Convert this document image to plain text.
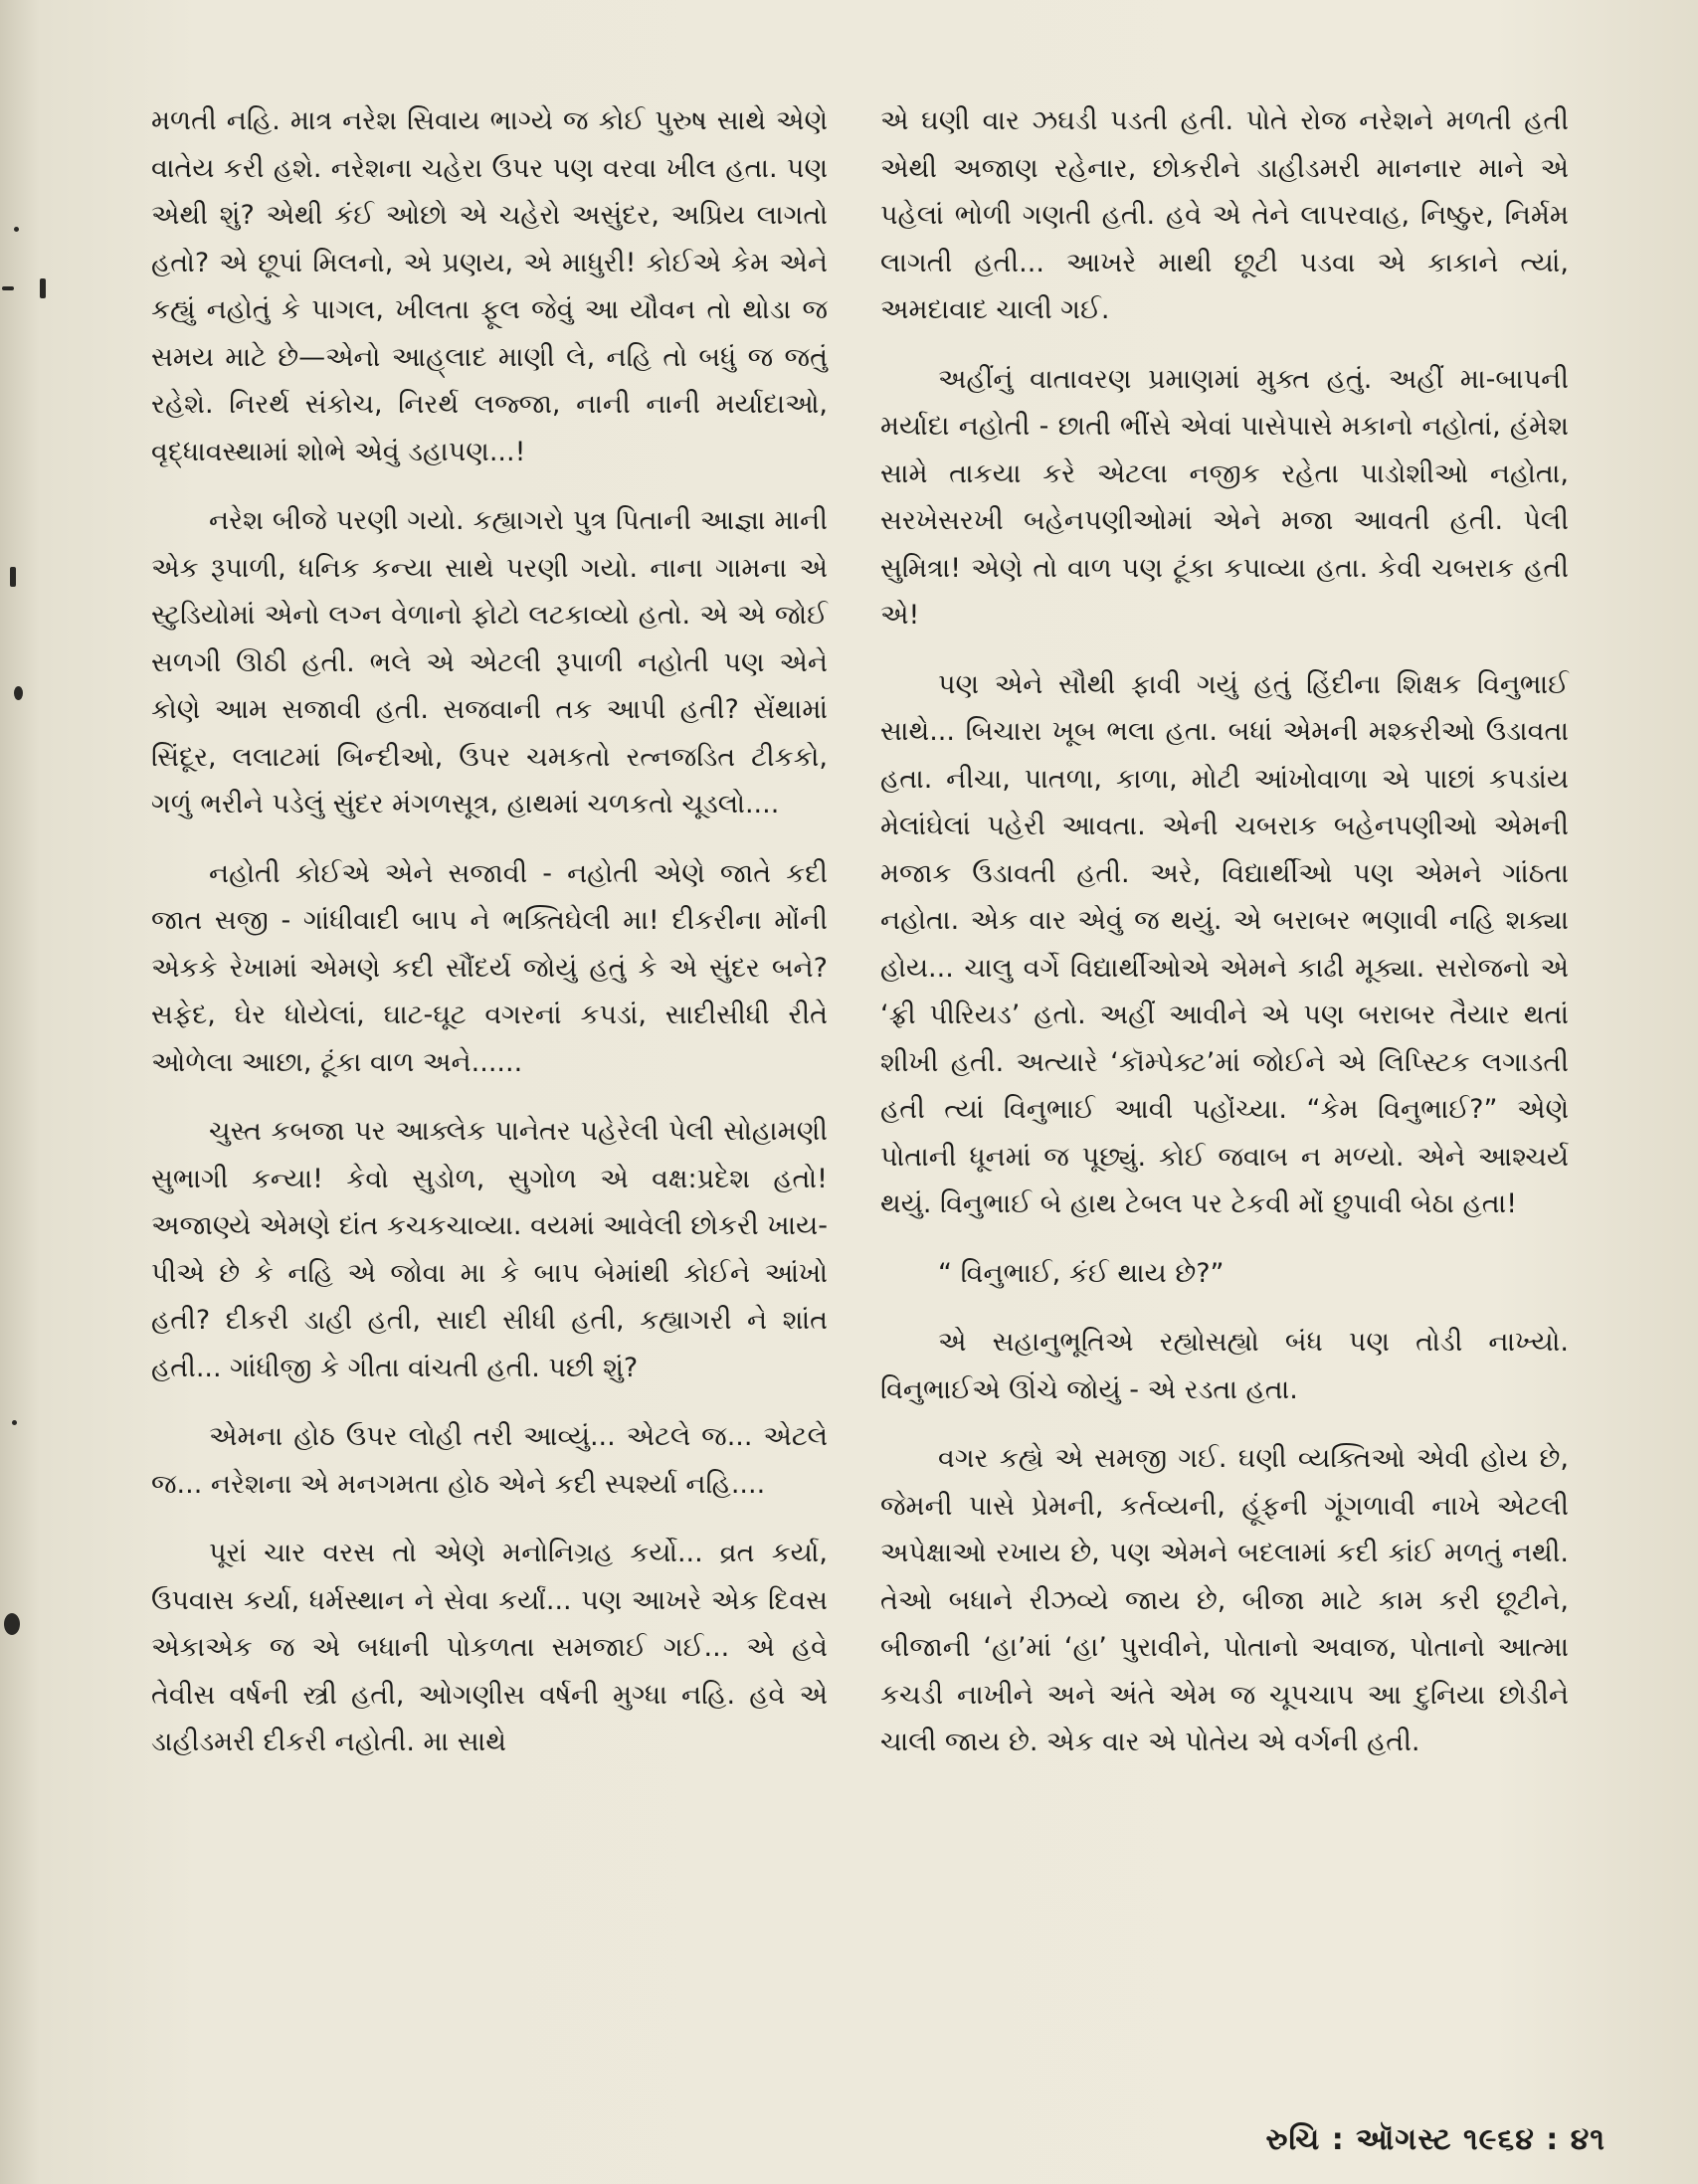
મળતી નહિ. માત્ર નરેશ સિવાય ભાગ્યે જ કોઈ પુરુષ સાથે એણે વાતેય કરી હશે. નરેશના ચહેરા ઉપર પણ વરવા ખીલ હતા. પણ એથી શું? એથી કંઈ ઓછો એ ચહેરો અસુંદર, અપ્રિય લાગતો હતો? એ છૂપાં મિલનો, એ પ્રણય, એ માધુરી! કોઈએ કેમ એને કહ્યું નહોતું કે પાગલ, ખીલતા ફૂલ જેવું આ યૌવન તો થોડા જ સમય માટે છે—એનો આહ્‌લાદ માણી લે, નહિ તો બધું જ જતું રહેશે. નિરર્થ સંકોચ, નિરર્થ લજ્જા, નાની નાની મર્યાદાઓ, વૃદ્ધાવસ્થામાં શોભે એવું ડહાપણ...!

નરેશ બીજે પરણી ગયો. કહ્યાગરો પુત્ર પિતાની આજ્ઞા માની એક રૂપાળી, ધનિક કન્યા સાથે પરણી ગયો. નાના ગામના એ સ્ટુડિયોમાં એનો લગ્ન વેળાનો ફોટો લટકાવ્યો હતો. એ એ જોઈ સળગી ઊઠી હતી. ભલે એ એટલી રૂપાળી નહોતી પણ એને કોણે આમ સજાવી હતી. સજવાની તક આપી હતી? સેંથામાં સિંદૂર, લલાટમાં બિન્દીઓ, ઉપર ચમકતો રત્નજડિત ટીકકો, ગળું ભરીને પડેલું સુંદર મંગળસૂત્ર, હાથમાં ચળકતો ચૂડલો....

નહોતી કોઈએ એને સજાવી - નહોતી એણે જાતે કદી જાત સજી - ગાંધીવાદી બાપ ને ભક્તિઘેલી મા! દીકરીના મોંની એકકે રેખામાં એમણે કદી સૌંદર્ય જોયું હતું કે એ સુંદર બને? સફેદ, ઘેર ધોયેલાં, ઘાટ-ઘૂટ વગરનાં કપડાં, સાદીસીધી રીતે ઓળેલા આછા, ટૂંકા વાળ અને......

ચુસ્ત કબજા પર આક્લેક પાનેતર પહેરેલી પેલી સોહામણી સુભાગી કન્યા! કેવો સુડોળ, સુગોળ એ વક્ષ:પ્રદેશ હતો! અજાણ્યે એમણે દાંત કચકચાવ્યા. વયમાં આવેલી છોકરી ખાય-પીએ છે કે નહિ એ જોવા મા કે બાપ બેમાંથી કોઈને આંખો હતી? દીકરી ડાહી હતી, સાદી સીધી હતી, કહ્યાગરી ને શાંત હતી... ગાંધીજી કે ગીતા વાંચતી હતી. પછી શું?

એમના હોઠ ઉપર લોહી તરી આવ્યું... એટલે જ... એટલે જ... નરેશના એ મનગમતા હોઠ એને કદી સ્પર્શ્યા નહિ....

પૂરાં ચાર વરસ તો એણે મનોનિગ્રહ કર્યો... વ્રત કર્યા, ઉપવાસ કર્યા, ધર્મસ્થાન ને સેવા કર્યાં... પણ આખરે એક દિવસ એકાએક જ એ બધાની પોકળતા સમજાઈ ગઈ... એ હવે તેવીસ વર્ષની સ્ત્રી હતી, ઓગણીસ વર્ષની મુગ્ધા નહિ. હવે એ ડાહીડમરી દીકરી નહોતી. મા સાથે

એ ઘણી વાર ઝઘડી પડતી હતી. પોતે રોજ નરેશને મળતી હતી એથી અજાણ રહેનાર, છોકરીને ડાહીડમરી માનનાર માને એ પહેલાં ભોળી ગણતી હતી. હવે એ તેને લાપરવાહ, નિષ્ઠુર, નિર્મમ લાગતી હતી... આખરે માથી છૂટી પડવા એ કાકાને ત્યાં, અમદાવાદ ચાલી ગઈ.

અહીંનું વાતાવરણ પ્રમાણમાં મુક્ત હતું. અહીં મા-બાપની મર્યાદા નહોતી - છાતી ભીંસે એવાં પાસેપાસે મકાનો નહોતાં, હંમેશ સામે તાકયા કરે એટલા નજીક રહેતા પાડોશીઓ નહોતા, સરખેસરખી બહેનપણીઓમાં એને મજા આવતી હતી. પેલી સુમિત્રા! એણે તો વાળ પણ ટૂંકા કપાવ્યા હતા. કેવી ચબરાક હતી એ!

પણ એને સૌથી ફાવી ગયું હતું હિંદીના શિક્ષક વિનુભાઈ સાથે... બિચારા ખૂબ ભલા હતા. બધાં એમની મશ્કરીઓ ઉડાવતા હતા. નીચા, પાતળા, કાળા, મોટી આંખોવાળા એ પાછાં કપડાંય મેલાંઘેલાં પહેરી આવતા. એની ચબરાક બહેનપણીઓ એમની મજાક ઉડાવતી હતી. અરે, વિદ્યાર્થીઓ પણ એમને ગાંઠતા નહોતા. એક વાર એવું જ થયું. એ બરાબર ભણાવી નહિ શક્યા હોય... ચાલુ વર્ગે વિદ્યાર્થીઓએ એમને કાઢી મૂક્યા. સરોજનો એ ‘ફ્રી પીરિયડ’ હતો. અહીં આવીને એ પણ બરાબર તૈયાર થતાં શીખી હતી. અત્યારે ‘કૉમ્પેક્ટ’માં જોઈને એ લિપ્સ્ટિક લગાડતી હતી ત્યાં વિનુભાઈ આવી પહોંચ્યા. “કેમ વિનુભાઈ?” એણે પોતાની ધૂનમાં જ પૂછ્યું. કોઈ જવાબ ન મળ્યો. એને આશ્ચર્ય થયું. વિનુભાઈ બે હાથ ટેબલ પર ટેકવી મોં છુપાવી બેઠા હતા!

“ વિનુભાઈ, કંઈ થાય છે?”

એ સહાનુભૂતિએ રહ્યોસહ્યો બંધ પણ તોડી નાખ્યો. વિનુભાઈએ ઊંચે જોયું - એ રડતા હતા.

વગર કહ્યે એ સમજી ગઈ. ઘણી વ્યક્તિઓ એવી હોય છે, જેમની પાસે પ્રેમની, કર્તવ્યની, હૂંફની ગૂંગળાવી નાખે એટલી અપેક્ષાઓ રખાય છે, પણ એમને બદલામાં કદી કાંઈ મળતું નથી. તેઓ બધાને રીઝવ્યે જાય છે, બીજા માટે કામ કરી છૂટીને, બીજાની ‘હા’માં ‘હા’ પુરાવીને, પોતાનો અવાજ, પોતાનો આત્મા કચડી નાખીને અને અંતે એમ જ ચૂપચાપ આ દુનિયા છોડીને ચાલી જાય છે. એક વાર એ પોતેય એ વર્ગની હતી.

રુચિ : ઑગસ્ટ ૧૯૬૪ : ૪૧
